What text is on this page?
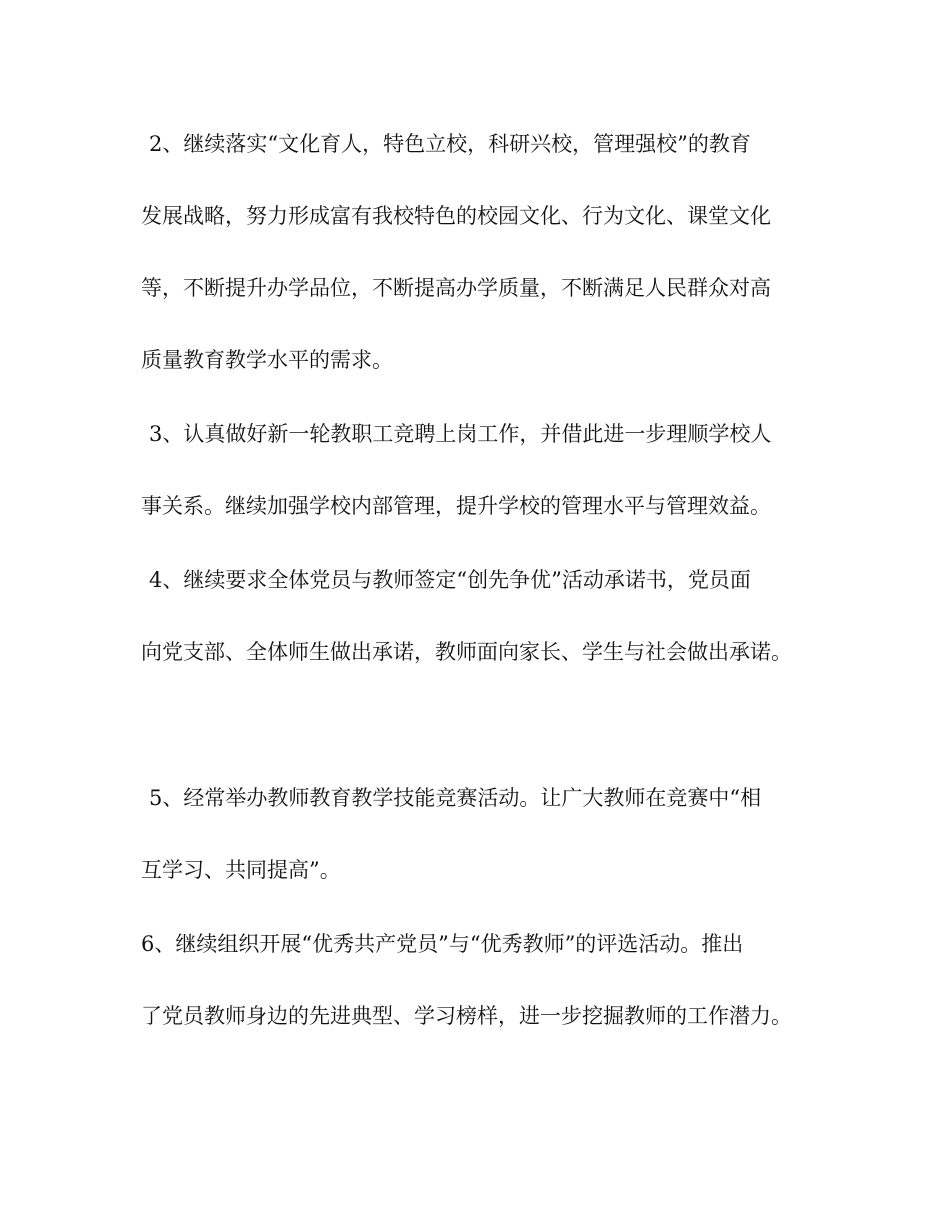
2、继续落实“文化育人，特色立校，科研兴校，管理强校”的教育
发展战略，努力形成富有我校特色的校园文化、行为文化、课堂文化
等，不断提升办学品位，不断提高办学质量，不断满足人民群众对高
质量教育教学水平的需求。
3、认真做好新一轮教职工竞聘上岗工作，并借此进一步理顺学校人
事关系。继续加强学校内部管理，提升学校的管理水平与管理效益。
4、继续要求全体党员与教师签定“创先争优”活动承诺书，党员面
向党支部、全体师生做出承诺，教师面向家长、学生与社会做出承诺。
5、经常举办教师教育教学技能竞赛活动。让广大教师在竞赛中“相
互学习、共同提高”。
6、继续组织开展“优秀共产党员”与“优秀教师”的评选活动。推出
了党员教师身边的先进典型、学习榜样，进一步挖掘教师的工作潜力。
